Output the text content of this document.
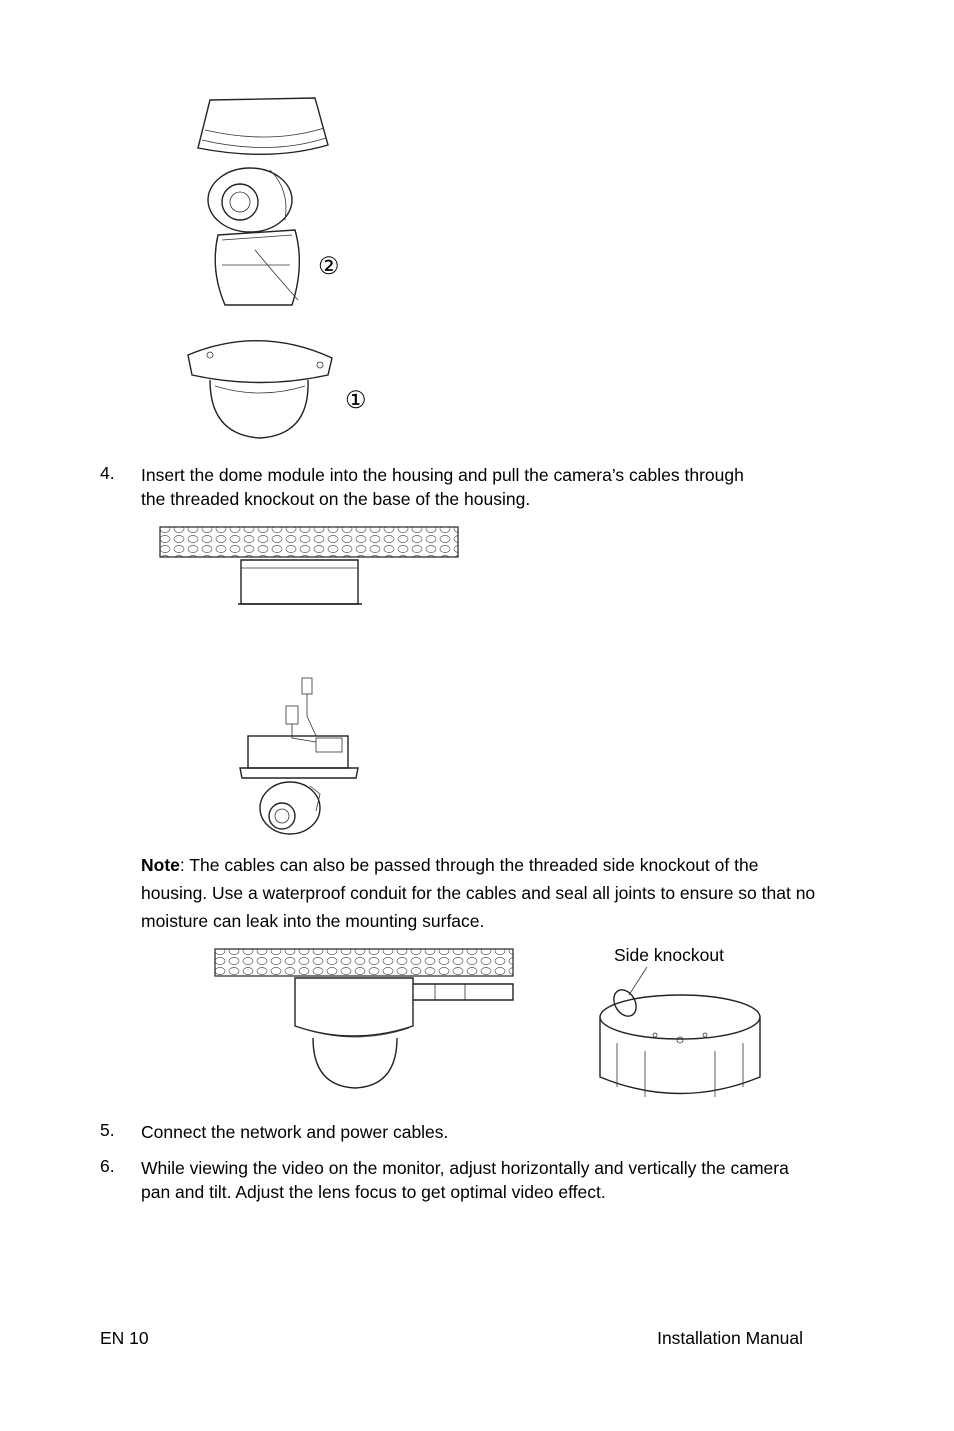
②
①
4. Insert the dome module into the housing and pull the camera’s cables through the threaded knockout on the base of the housing.
Note: The cables can also be passed through the threaded side knockout of the housing. Use a waterproof conduit for the cables and seal all joints to ensure so that no moisture can leak into the mounting surface.
Side knockout
5. Connect the network and power cables.
6. While viewing the video on the monitor, adjust horizontally and vertically the camera pan and tilt. Adjust the lens focus to get optimal video effect.
EN 10	Installation Manual
